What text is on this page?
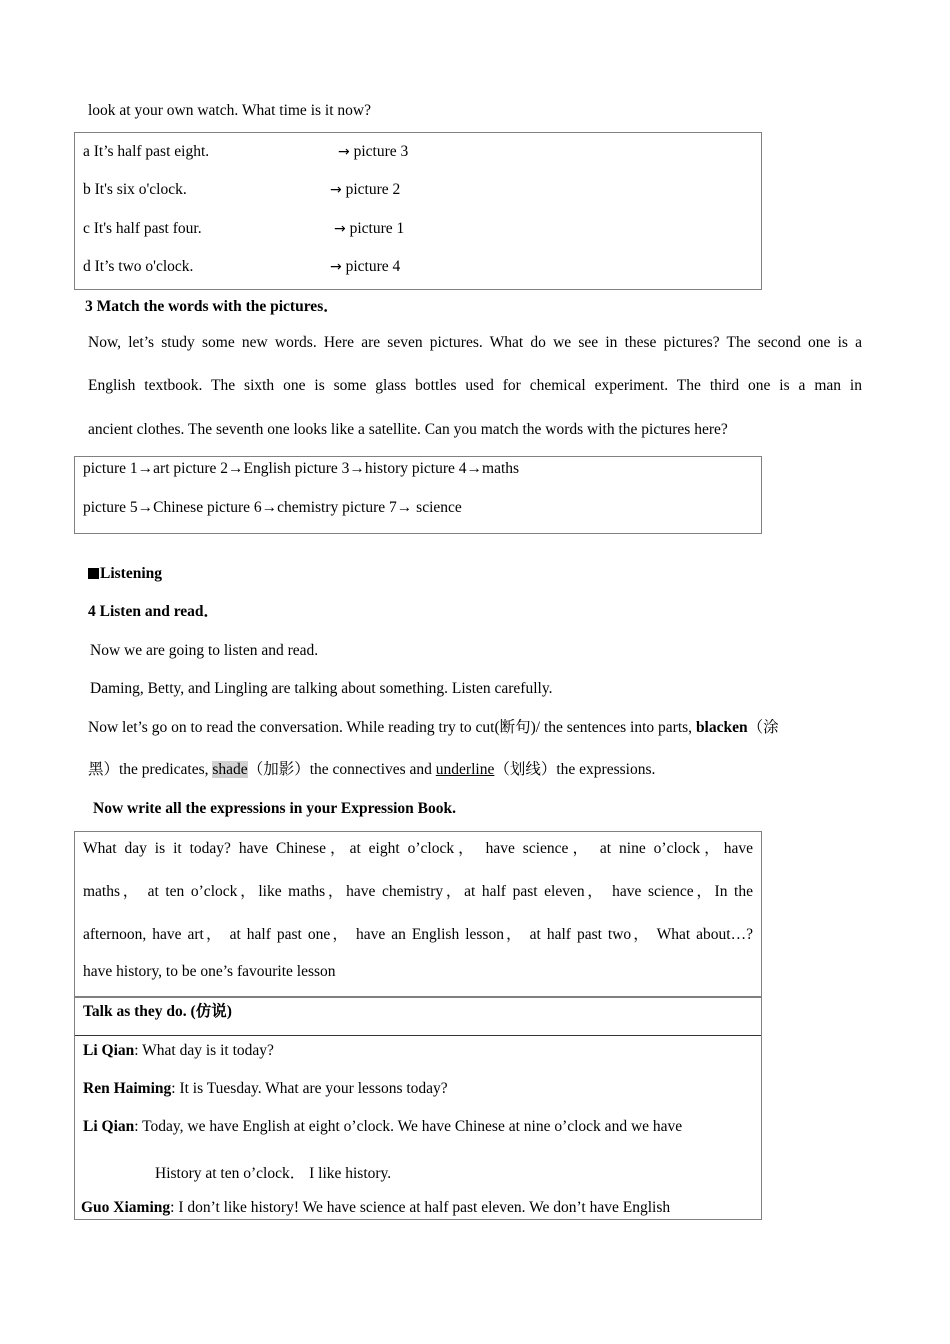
look at your own watch. What time is it now?
a It’s half past eight.	→ picture 3
b It's six o'clock.	→ picture 2
c It's half past four.	→ picture 1
d It’s two o'clock.	→ picture 4
3 Match the words with the pictures．
Now, let’s study some new words. Here are seven pictures. What do we see in these pictures? The second one is a
English textbook. The sixth one is some glass bottles used for chemical experiment. The third one is a man in
ancient clothes. The seventh one looks like a satellite. Can you match the words with the pictures here?
picture 1→art picture 2→English picture 3→history picture 4→maths
picture 5→Chinese picture 6→chemistry picture 7→ science
Listening
4 Listen and read．
Now we are going to listen and read.
Daming, Betty, and Lingling are talking about something. Listen carefully.
Now let’s go on to read the conversation. While reading try to cut(断句)/ the sentences into parts, blacken（涂
黑）the predicates, shade（加影）the connectives and underline（划线）the expressions.
Now write all the expressions in your Expression Book.
What day is it today? have Chinese，at eight o’clock， have science， at nine o’clock，have
maths， at ten o’clock，like maths，have chemistry，at half past eleven， have science，In the
afternoon, have art， at half past one， have an English lesson， at half past two， What about…?
have history, to be one’s favourite lesson
Talk as they do. (仿说)
Li Qian: What day is it today?
Ren Haiming: It is Tuesday. What are your lessons today?
Li Qian: Today, we have English at eight o’clock. We have Chinese at nine o’clock and we have
History at ten o’clock． I like history.
Guo Xiaming: I don’t like history! We have science at half past eleven. We don’t have English
